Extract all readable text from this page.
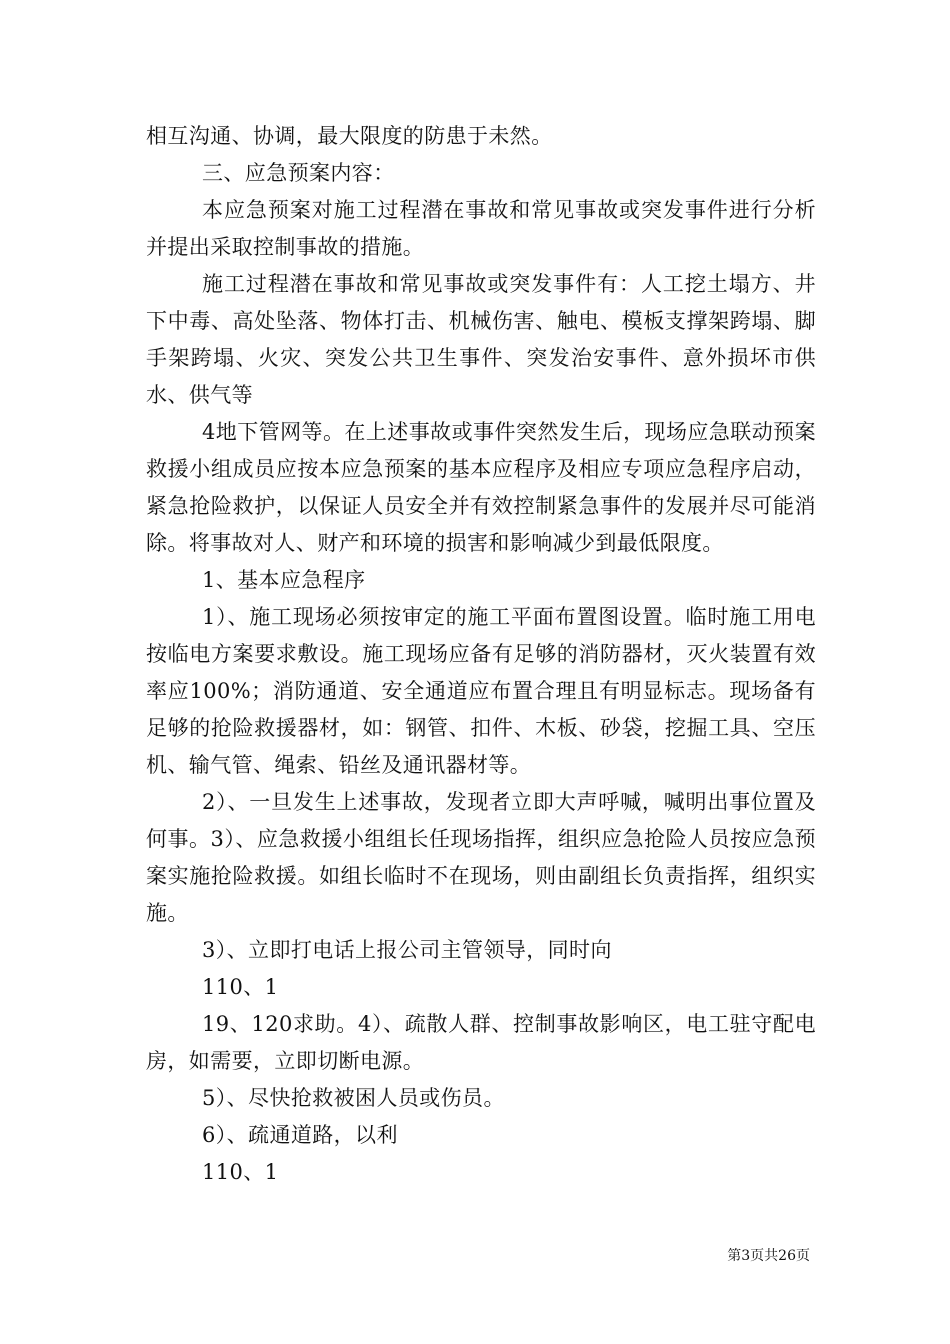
相互沟通、协调，最大限度的防患于未然。

三、应急预案内容：

本应急预案对施工过程潜在事故和常见事故或突发事件进行分析并提出采取控制事故的措施。

施工过程潜在事故和常见事故或突发事件有：人工挖土塌方、井下中毒、高处坠落、物体打击、机械伤害、触电、模板支撑架跨塌、脚手架跨塌、火灾、突发公共卫生事件、突发治安事件、意外损坏市供水、供气等

4地下管网等。在上述事故或事件突然发生后，现场应急联动预案救援小组成员应按本应急预案的基本应程序及相应专项应急程序启动，紧急抢险救护，以保证人员安全并有效控制紧急事件的发展并尽可能消除。将事故对人、财产和环境的损害和影响减少到最低限度。

1、基本应急程序

1）、施工现场必须按审定的施工平面布置图设置。临时施工用电按临电方案要求敷设。施工现场应备有足够的消防器材，灭火装置有效率应100%；消防通道、安全通道应布置合理且有明显标志。现场备有足够的抢险救援器材，如：钢管、扣件、木板、砂袋，挖掘工具、空压机、输气管、绳索、铅丝及通讯器材等。

2）、一旦发生上述事故，发现者立即大声呼喊，喊明出事位置及何事。3）、应急救援小组组长任现场指挥，组织应急抢险人员按应急预案实施抢险救援。如组长临时不在现场，则由副组长负责指挥，组织实施。

3）、立即打电话上报公司主管领导，同时向

110、1

19、120求助。4）、疏散人群、控制事故影响区，电工驻守配电房，如需要，立即切断电源。

5）、尽快抢救被困人员或伤员。

6）、疏通道路，以利

110、1

第3页共26页
